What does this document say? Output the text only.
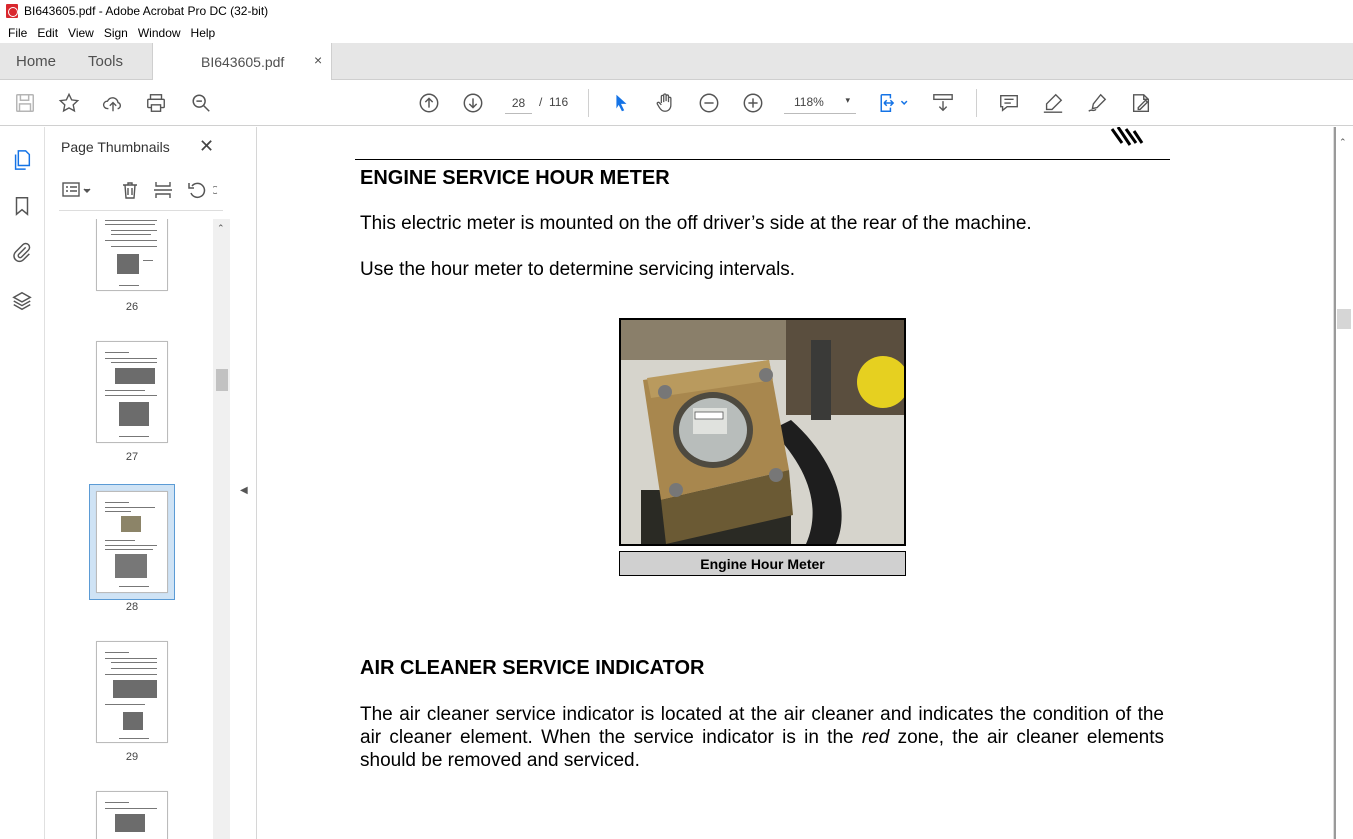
BI643605.pdf - Adobe Acrobat Pro DC (32-bit)
File Edit View Sign Window Help
Home Tools	BI643605.pdf ×
28
/ 116	118% ▾
Page Thumbnails ✕
26
27
28
29
⌃
◀
ENGINE SERVICE HOUR METER
This electric meter is mounted on the off driver’s side at the rear of the machine.
Use the hour meter to determine servicing intervals.
Engine Hour Meter
AIR CLEANER SERVICE INDICATOR
The air cleaner service indicator is located at the air cleaner and indicates the condition of the air cleaner element. When the service indicator is in the red zone, the air cleaner elements should be removed and serviced.
⌃
